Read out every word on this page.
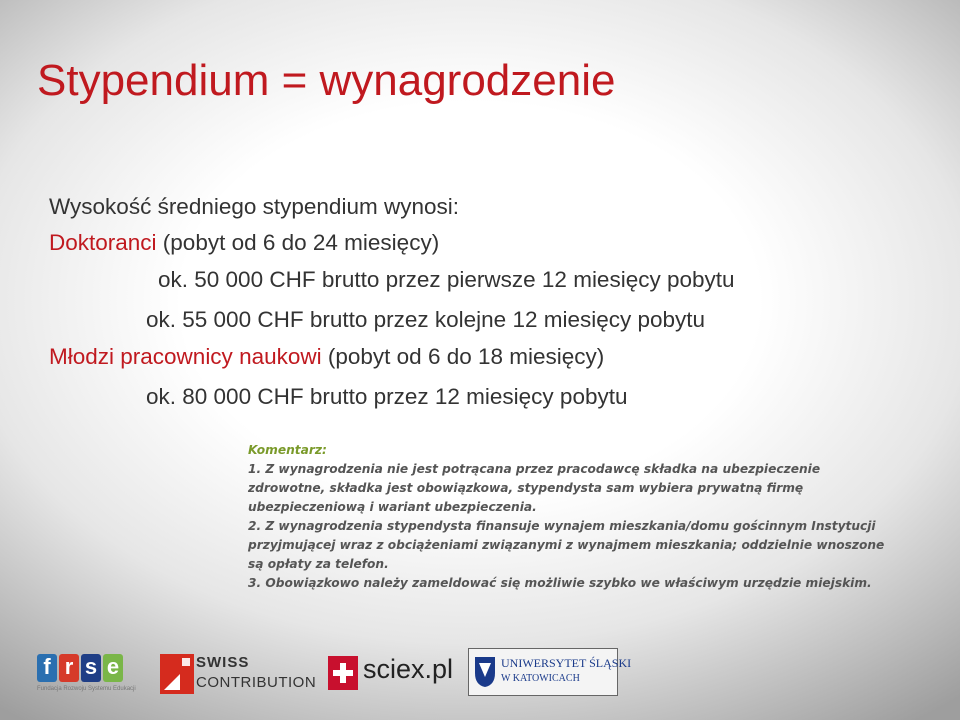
Stypendium = wynagrodzenie
Wysokość średniego stypendium wynosi:
Doktoranci (pobyt od 6 do 24 miesięcy)
ok. 50 000 CHF brutto przez pierwsze 12 miesięcy pobytu
ok. 55 000 CHF brutto przez kolejne 12 miesięcy pobytu
Młodzi pracownicy naukowi (pobyt od 6 do 18 miesięcy)
ok. 80 000 CHF brutto przez 12 miesięcy pobytu
Komentarz:
1. Z wynagrodzenia nie jest potrącana przez pracodawcę składka na ubezpieczenie
zdrowotne, składka jest obowiązkowa, stypendysta sam wybiera prywatną firmę
ubezpieczeniową i wariant ubezpieczenia.
2. Z wynagrodzenia stypendysta finansuje wynajem mieszkania/domu gościnnym Instytucji
przyjmującej wraz z obciążeniami związanymi z wynajmem mieszkania; oddzielnie wnoszone
są opłaty za telefon.
3. Obowiązkowo należy zameldować się możliwie szybko we właściwym urzędzie miejskim.
f r s e
Fundacja Rozwoju Systemu Edukacji
SWISS
CONTRIBUTION sciex.pl	UNIWERSYTET ŚLĄSKI
W KATOWICACH
